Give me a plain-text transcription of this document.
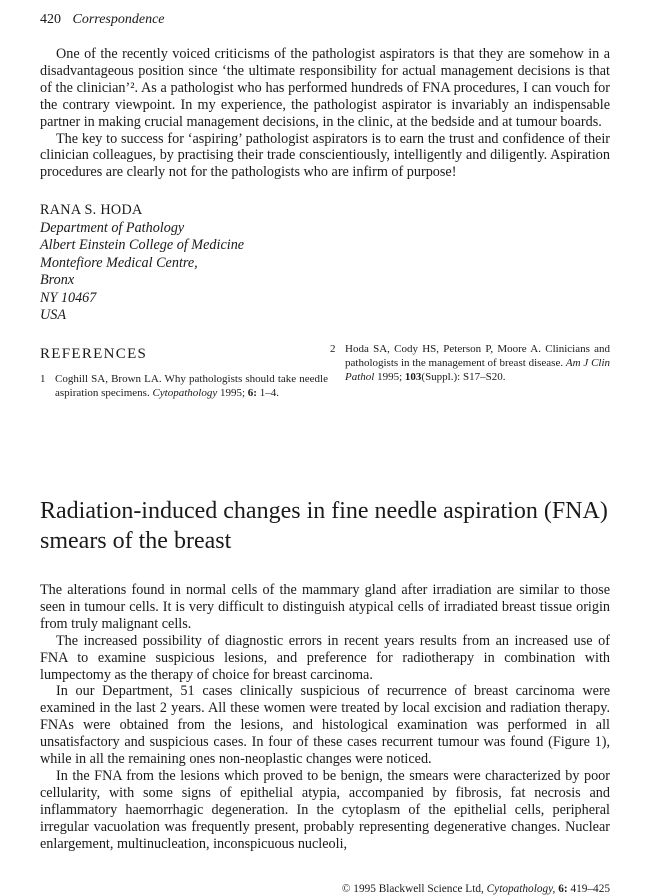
420 Correspondence

One of the recently voiced criticisms of the pathologist aspirators is that they are somehow in a disadvantageous position since ‘the ultimate responsibility for actual management decisions is that of the clinician’². As a pathologist who has performed hundreds of FNA procedures, I can vouch for the contrary viewpoint. In my experience, the pathologist aspirator is invariably an indispensable partner in making crucial management decisions, in the clinic, at the bedside and at tumour boards.

The key to success for ‘aspiring’ pathologist aspirators is to earn the trust and confidence of their clinician colleagues, by practising their trade conscientiously, intelligently and diligently. Aspiration procedures are clearly not for the pathologists who are infirm of purpose!

RANA S. HODA
Department of Pathology
Albert Einstein College of Medicine
Montefiore Medical Centre,
Bronx
NY 10467
USA
REFERENCES
1 Coghill SA, Brown LA. Why pathologists should take needle aspiration specimens. Cytopathology 1995; 6: 1–4.
2 Hoda SA, Cody HS, Peterson P, Moore A. Clinicians and pathologists in the management of breast disease. Am J Clin Pathol 1995; 103(Suppl.): S17–S20.
Radiation-induced changes in fine needle aspiration (FNA) smears of the breast

The alterations found in normal cells of the mammary gland after irradiation are similar to those seen in tumour cells. It is very difficult to distinguish atypical cells of irradiated breast tissue origin from truly malignant cells.

The increased possibility of diagnostic errors in recent years results from an increased use of FNA to examine suspicious lesions, and preference for radiotherapy in combination with lumpectomy as the therapy of choice for breast carcinoma.

In our Department, 51 cases clinically suspicious of recurrence of breast carcinoma were examined in the last 2 years. All these women were treated by local excision and radiation therapy. FNAs were obtained from the lesions, and histological examination was performed in all unsatisfactory and suspicious cases. In four of these cases recurrent tumour was found (Figure 1), while in all the remaining ones non-neoplastic changes were noticed.

In the FNA from the lesions which proved to be benign, the smears were characterized by poor cellularity, with some signs of epithelial atypia, accompanied by fibrosis, fat necrosis and inflammatory haemorrhagic degeneration. In the cytoplasm of the epithelial cells, peripheral irregular vacuolation was frequently present, probably representing degenerative changes. Nuclear enlargement, multinucleation, inconspicuous nucleoli,

© 1995 Blackwell Science Ltd, Cytopathology, 6: 419–425
